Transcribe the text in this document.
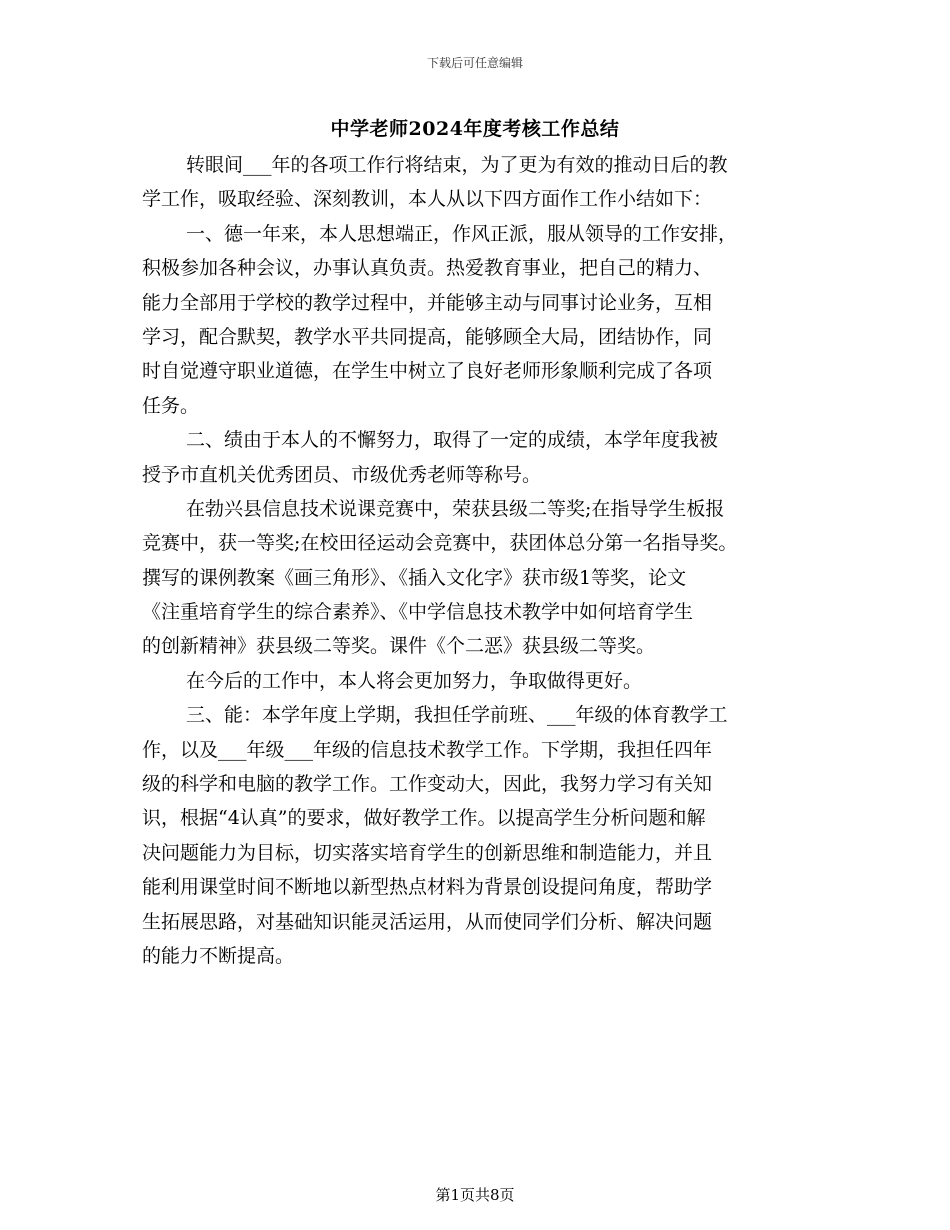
下载后可任意编辑
中学老师2024年度考核工作总结
转眼间___年的各项工作行将结束，为了更为有效的推动日后的教
学工作，吸取经验、深刻教训，本人从以下四方面作工作小结如下：
一、德一年来，本人思想端正，作风正派，服从领导的工作安排，
积极参加各种会议，办事认真负责。热爱教育事业，把自己的精力、
能力全部用于学校的教学过程中，并能够主动与同事讨论业务，互相
学习，配合默契，教学水平共同提高，能够顾全大局，团结协作，同
时自觉遵守职业道德，在学生中树立了良好老师形象顺利完成了各项
任务。
二、绩由于本人的不懈努力，取得了一定的成绩，本学年度我被
授予市直机关优秀团员、市级优秀老师等称号。
在勃兴县信息技术说课竞赛中，荣获县级二等奖;在指导学生板报
竞赛中，获一等奖;在校田径运动会竞赛中，获团体总分第一名指导奖。
撰写的课例教案《画三角形》、《插入文化字》获市级1等奖，论文
《注重培育学生的综合素养》、《中学信息技术教学中如何培育学生
的创新精神》获县级二等奖。课件《个二恶》获县级二等奖。
在今后的工作中，本人将会更加努力，争取做得更好。
三、能：本学年度上学期，我担任学前班、___年级的体育教学工
作，以及___年级___年级的信息技术教学工作。下学期，我担任四年
级的科学和电脑的教学工作。工作变动大，因此，我努力学习有关知
识，根据“4认真”的要求，做好教学工作。以提高学生分析问题和解
决问题能力为目标，切实落实培育学生的创新思维和制造能力，并且
能利用课堂时间不断地以新型热点材料为背景创设提问角度，帮助学
生拓展思路，对基础知识能灵活运用，从而使同学们分析、解决问题
的能力不断提高。
第1页共8页
